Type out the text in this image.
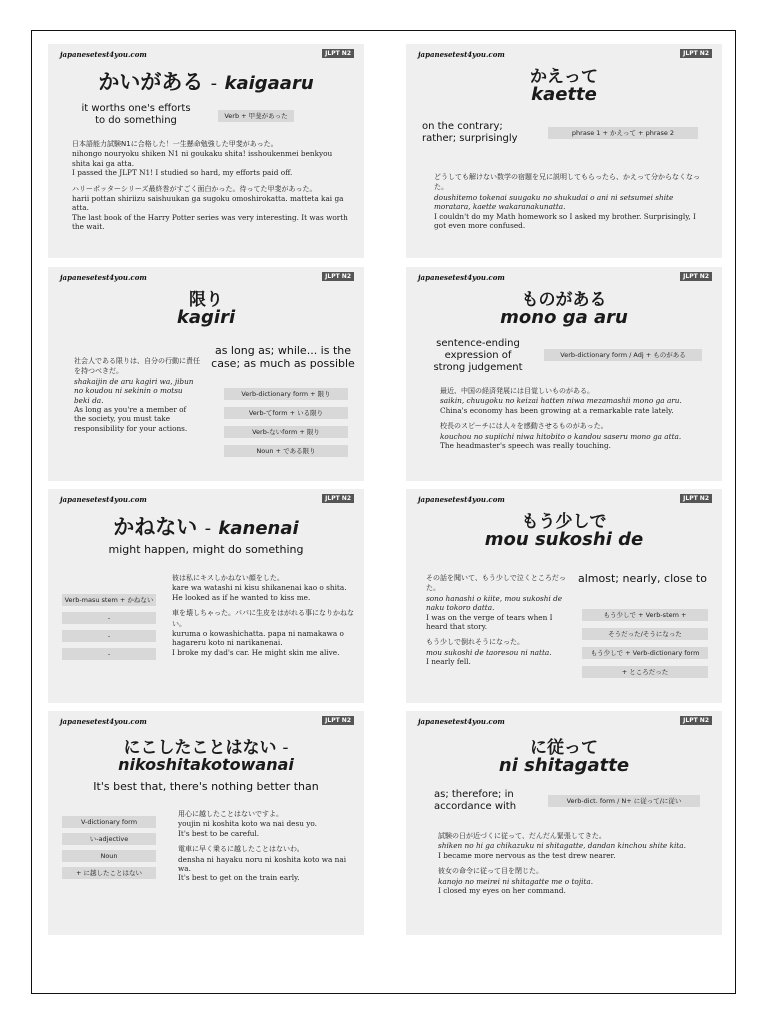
japanesetest4you.com	JLPT N2
かいがある - kaigaaru
it worths one's efforts to do something	Verb + 甲斐があった

日本語能力試験N1に合格した！一生懸命勉強した甲斐があった。
nihongo nouryoku shiken N1 ni goukaku shita! isshoukenmei benkyou shita kai ga atta.
I passed the JLPT N1! I studied so hard, my efforts paid off.

ハリーポッターシリーズ最終巻がすごく面白かった。待ってた甲斐があった。
harii pottan shiriizu saishuukan ga sugoku omoshirokatta. matteta kai ga atta.
The last book of the Harry Potter series was very interesting. It was worth the wait.

japanesetest4you.com	JLPT N2
かえって
kaette
on the contrary; rather; surprisingly	phrase 1 + かえって + phrase 2

どうしても解けない数学の宿題を兄に説明してもらったら、かえって分からなくなった。
doushitemo tokenai suugaku no shukudai o ani ni setsumei shite moratara, kaette wakaranakunatta.
I couldn't do my Math homework so I asked my brother. Surprisingly, I got even more confused.

japanesetest4you.com	JLPT N2
限り
kagiri
as long as; while... is the case; as much as possible
Verb-dictionary form + 限り
Verb-てform + いる限り
Verb-ないform + 限り
Noun + である限り

社会人である限りは、自分の行動に責任を持つべきだ。
shakaijin de aru kagiri wa, jibun no koudou ni sekinin o motsu beki da.
As long as you're a member of the society, you must take responsibility for your actions.

japanesetest4you.com	JLPT N2
ものがある
mono ga aru
sentence-ending expression of strong judgement
Verb-dictionary form / Adj + ものがある

最近、中国の経済発展には目覚しいものがある。
saikin, chuugoku no keizai hatten niwa mezamashii mono ga aru.
China's economy has been growing at a remarkable rate lately.

校長のスピーチには人々を感動させるものがあった。
kouchou no supiichi niwa hitobito o kandou saseru mono ga atta.
The headmaster's speech was really touching.

japanesetest4you.com	JLPT N2
かねない - kanenai
might happen, might do something
Verb-masu stem + かねない
-
-
-

彼は私にキスしかねない顔をした。
kare wa watashi ni kisu shikanenai kao o shita.
He looked as if he wanted to kiss me.

車を壊しちゃった。パパに生皮をはがれる事になりかねない。
kuruma o kowashichatta. papa ni namakawa o hagareru koto ni narikanenai.
I broke my dad's car. He might skin me alive.

japanesetest4you.com	JLPT N2
もう少しで
mou sukoshi de
almost; nearly, close to
もう少しで + Verb-stem +
そうだった/そうになった
もう少しで + Verb-dictionary form
+ ところだった

その話を聞いて、もう少しで泣くところだった。
sono hanashi o kiite, mou sukoshi de naku tokoro datta.
I was on the verge of tears when I heard that story.

もう少しで倒れそうになった。
mou sukoshi de taoresou ni natta.
I nearly fell.

japanesetest4you.com	JLPT N2
にこしたことはない -
nikoshitakotowanai
It's best that, there's nothing better than
V-dictionary form
い-adjective
Noun
+ に越したことはない

用心に越したことはないですよ。
youjin ni koshita koto wa nai desu yo.
It's best to be careful.

電車に早く乗るに越したことはないわ。
densha ni hayaku noru ni koshita koto wa nai wa.
It's best to get on the train early.

japanesetest4you.com	JLPT N2
に従って
ni shitagatte
as; therefore; in accordance with	Verb-dict. form / N+ に従って/に従い

試験の日が近づくに従って、だんだん緊張してきた。
shiken no hi ga chikazuku ni shitagatte, dandan kinchou shite kita.
I became more nervous as the test drew nearer.

彼女の命令に従って目を閉じた。
kanojo no meirei ni shitagatte me o tojita.
I closed my eyes on her command.
